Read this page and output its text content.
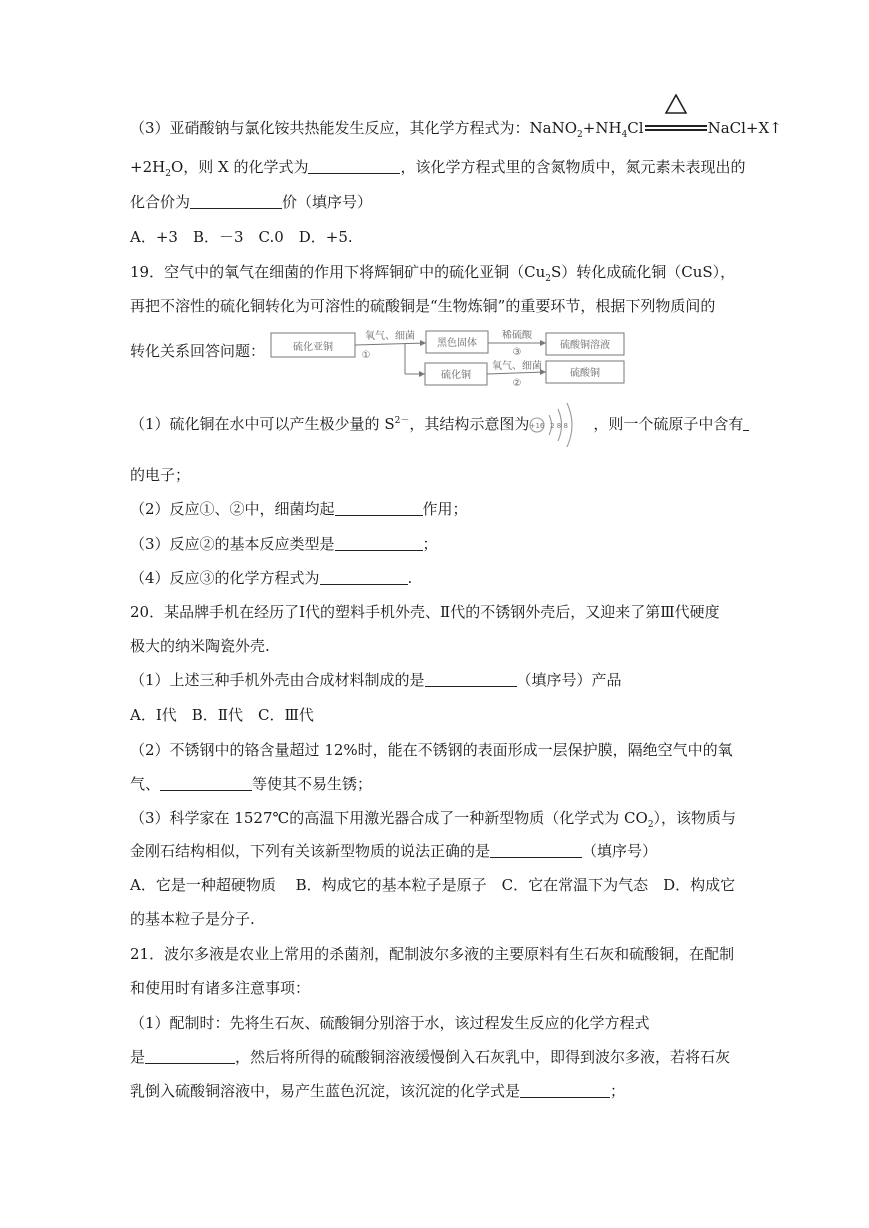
（3）亚硝酸钠与氯化铵共热能发生反应，其化学方程式为：$NaNO_2+NH_4Cl$	NaCl+X↑
$+2H_2O$，则 X 的化学式为	，该化学方程式里的含氮物质中，氮元素未表现出的
化合价为	价（填序号）
A．+3　B．－3　C.0　D．+5.
19．空气中的氧气在细菌的作用下将辉铜矿中的硫化亚铜$(Cu_2S)$转化成硫化铜（CuS），
再把不溶性的硫化铜转化为可溶性的硫酸铜是“生物炼铜”的重要环节，根据下列物质间的
转化关系回答问题：	硫化亚铜
氧气、细菌
①
黑色固体
稀硫酸
③
硫酸铜溶液
硫化铜
氧气、细菌
②
硫酸铜
（1）硫化铜在水中可以产生极少量的 $S^{2-}$，其结构示意图为	，则一个硫原子中含有
+16 2 8 8
的电子；
（2）反应①、②中，细菌均起	作用；
（3）反应②的基本反应类型是	；
（4）反应③的化学方程式为	.
20．某品牌手机在经历了Ⅰ代的塑料手机外壳、Ⅱ代的不锈钢外壳后，又迎来了第Ⅲ代硬度
极大的纳米陶瓷外壳.
（1）上述三种手机外壳由合成材料制成的是	（填序号）产品
A．Ⅰ代　B．Ⅱ代　C．Ⅲ代
（2）不锈钢中的铬含量超过 12%时，能在不锈钢的表面形成一层保护膜，隔绝空气中的氧
气、	等使其不易生锈；
（3）科学家在 1527℃的高温下用激光器合成了一种新型物质（化学式为 $CO_2$），该物质与
金刚石结构相似，下列有关该新型物质的说法正确的是	（填序号）
A．它是一种超硬物质　 B．构成它的基本粒子是原子　C．它在常温下为气态　D．构成它
的基本粒子是分子.
21．波尔多液是农业上常用的杀菌剂，配制波尔多液的主要原料有生石灰和硫酸铜，在配制
和使用时有诸多注意事项：
（1）配制时：先将生石灰、硫酸铜分别溶于水，该过程发生反应的化学方程式
是	，然后将所得的硫酸铜溶液缓慢倒入石灰乳中，即得到波尔多液，若将石灰
乳倒入硫酸铜溶液中，易产生蓝色沉淀，该沉淀的化学式是	；
